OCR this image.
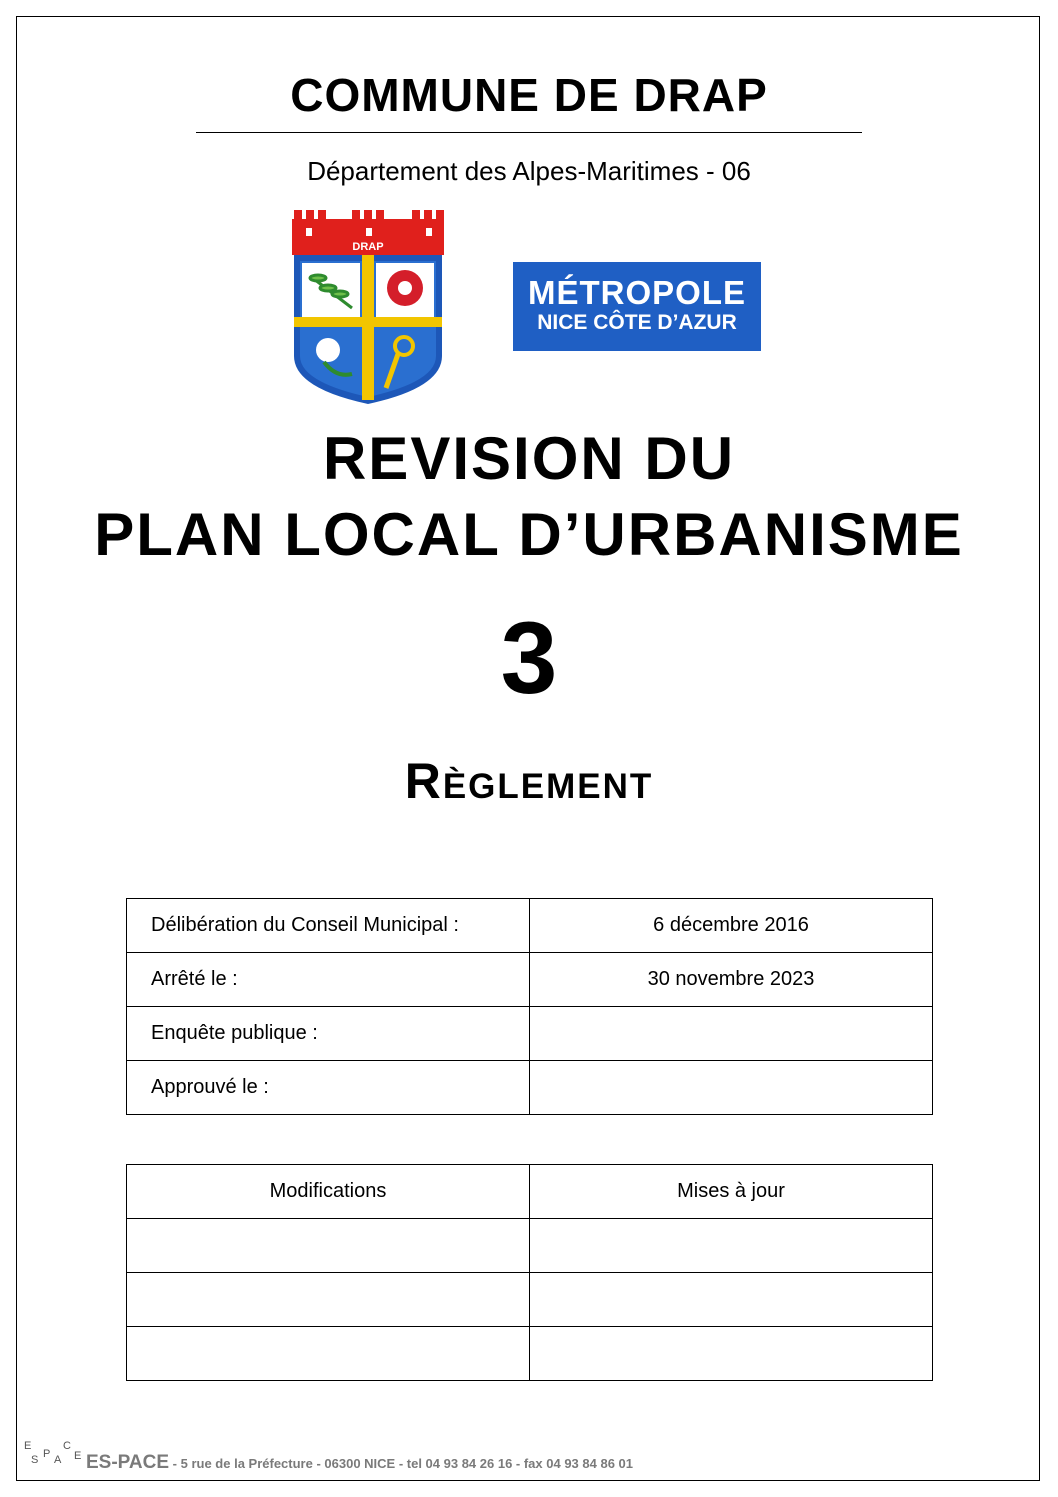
COMMUNE DE DRAP
Département des Alpes-Maritimes - 06
DRAP
MÉTROPOLE
NICE CÔTE D’AZUR
REVISION DU
PLAN LOCAL D’URBANISME
3
Règlement
Délibération du Conseil Municipal :	6 décembre 2016
Arrêté le :	30 novembre 2023
Enquête publique :	
Approuvé le :	
Modifications	Mises à jour

E
S P A
C
E ES-PACE - 5 rue de la Préfecture - 06300 NICE - tel 04 93 84 26 16 - fax 04 93 84 86 01
